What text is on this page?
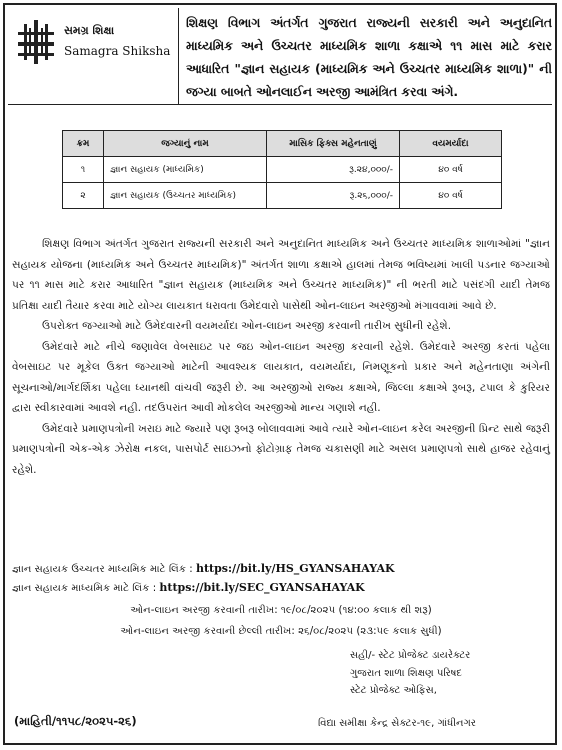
સમગ્ર શિક્ષા
Samagra Shiksha
શિક્ષણ વિભાગ અંતર્ગત ગુજરાત રાજ્યની સરકારી અને અનુદાનિત માધ્યમિક અને ઉચ્ચતર માધ્યમિક શાળા કક્ષાએ ૧૧ માસ માટે કરાર આધારિત "જ્ઞાન સહાયક (માધ્યમિક અને ઉચ્ચતર માધ્યમિક શાળા)" ની જગ્યા બાબતે ઓનલાઈન અરજી આમંત્રિત કરવા અંગે.
ક્રમ	જગ્યાનું નામ	માસિક ફિક્સ મહેનતાણું	વયમર્યાદા
૧	જ્ઞાન સહાયક (માધ્યમિક)	રૂ.૨૪,૦૦૦/-	૪૦ વર્ષ
૨	જ્ઞાન સહાયક (ઉચ્ચતર માધ્યમિક)	રૂ.૨૬,૦૦૦/-	૪૦ વર્ષ

શિક્ષણ વિભાગ અંતર્ગત ગુજરાત રાજ્યની સરકારી અને અનુદાનિત માધ્યમિક અને ઉચ્ચતર માધ્યમિક શાળાઓમાં "જ્ઞાન સહાયક યોજના (માધ્યમિક અને ઉચ્ચતર માધ્યમિક)" અંતર્ગત શાળા કક્ષાએ હાલમાં તેમજ ભવિષ્યમાં ખાલી પડનાર જગ્યાઓ પર ૧૧ માસ માટે કરાર આધારિત "જ્ઞાન સહાયક (માધ્યમિક અને ઉચ્ચતર માધ્યમિક)" ની ભરતી માટે પસંદગી યાદી તેમજ પ્રતિક્ષા યાદી તૈયાર કરવા માટે યોગ્ય લાયકાત ધરાવતા ઉમેદવારો પાસેથી ઓન-લાઇન અરજીઓ મંગાવવામાં આવે છે.

ઉપરોક્ત જગ્યાઓ માટે ઉમેદવારની વયમર્યાદા ઓન-લાઇન અરજી કરવાની તારીખ સુધીની રહેશે.

ઉમેદવારે માટે નીચે જણાવેલ વેબસાઇટ પર જઇ ઓન-લાઇન અરજી કરવાની રહેશે. ઉમેદવારે અરજી કરતાં પહેલા વેબસાઇટ પર મૂકેલ ઉક્ત જગ્યાઓ માટેની આવશ્યક લાયકાત, વયમર્યાદા, નિમણૂકનો પ્રકાર અને મહેનતાણા અંગેની સૂચનાઓ/માર્ગદર્શિકા પહેલા ધ્યાનથી વાંચવી જરૂરી છે. આ અરજીઓ રાજ્ય કક્ષાએ, જિલ્લા કક્ષાએ રૂબરૂ, ટપાલ કે કુરિયર દ્વારા સ્વીકારવામાં આવશે નહી. તદઉપરાંત આવી મોકલેલ અરજીઓ માન્ય ગણાશે નહી.

ઉમેદવારે પ્રમાણપત્રોની ખરાઇ માટે જ્યારે પણ રૂબરૂ બોલાવવામાં આવે ત્યારે ઓન-લાઇન કરેલ અરજીની પ્રિન્ટ સાથે જરૂરી પ્રમાણપત્રોની એક-એક ઝેરોક્ષ નકલ, પાસપોર્ટ સાઇઝનો ફોટોગ્રાફ તેમજ ચકાસણી માટે અસલ પ્રમાણપત્રો સાથે હાજર રહેવાનું રહેશે.

જ્ઞાન સહાયક ઉચ્ચતર માધ્યમિક માટે લિંક : https://bit.ly/HS_GYANSAHAYAK
જ્ઞાન સહાયક માધ્યમિક માટે લિંક : https://bit.ly/SEC_GYANSAHAYAK
ઓન-લાઇન અરજી કરવાની તારીખ: ૧૯/૦૮/૨૦૨૫ (૧૪:૦૦ કલાક થી શરૂ)
ઓન-લાઇન અરજી કરવાની છેલ્લી તારીખ: ૨૬/૦૮/૨૦૨૫ (૨૩:૫૯ કલાક સુધી)
સહી/- સ્ટેટ પ્રોજેક્ટ ડાયરેક્ટર
ગુજરાત શાળા શિક્ષણ પરિષદ
સ્ટેટ પ્રોજેક્ટ ઓફિસ,
વિદ્યા સમીક્ષા કેન્દ્ર સેક્ટર-૧૯, ગાંધીનગર
(માહિતી/૧૧૫૮/૨૦૨૫-૨૬)
